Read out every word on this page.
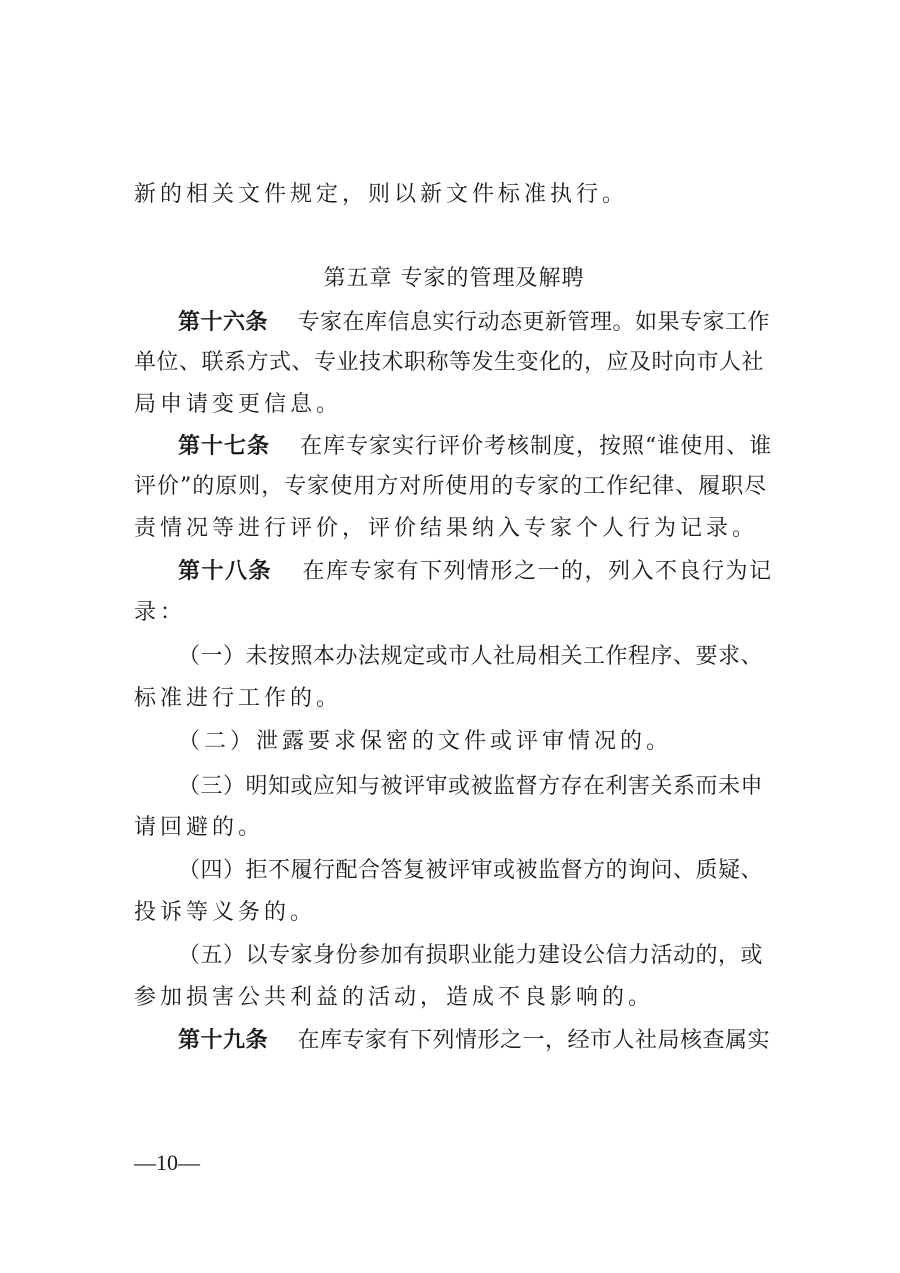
新的相关文件规定，则以新文件标准执行。
第五章 专家的管理及解聘
第十六条 专家在库信息实行动态更新管理。如果专家工作
单位、联系方式、专业技术职称等发生变化的，应及时向市人社
局申请变更信息。
第十七条 在库专家实行评价考核制度，按照“谁使用、谁
评价”的原则，专家使用方对所使用的专家的工作纪律、履职尽
责情况等进行评价，评价结果纳入专家个人行为记录。
第十八条 在库专家有下列情形之一的，列入不良行为记
录：
（一）未按照本办法规定或市人社局相关工作程序、要求、
标准进行工作的。
（二）泄露要求保密的文件或评审情况的。
（三）明知或应知与被评审或被监督方存在利害关系而未申
请回避的。
（四）拒不履行配合答复被评审或被监督方的询问、质疑、
投诉等义务的。
（五）以专家身份参加有损职业能力建设公信力活动的，或
参加损害公共利益的活动，造成不良影响的。
第十九条 在库专家有下列情形之一，经市人社局核查属实
—10—
